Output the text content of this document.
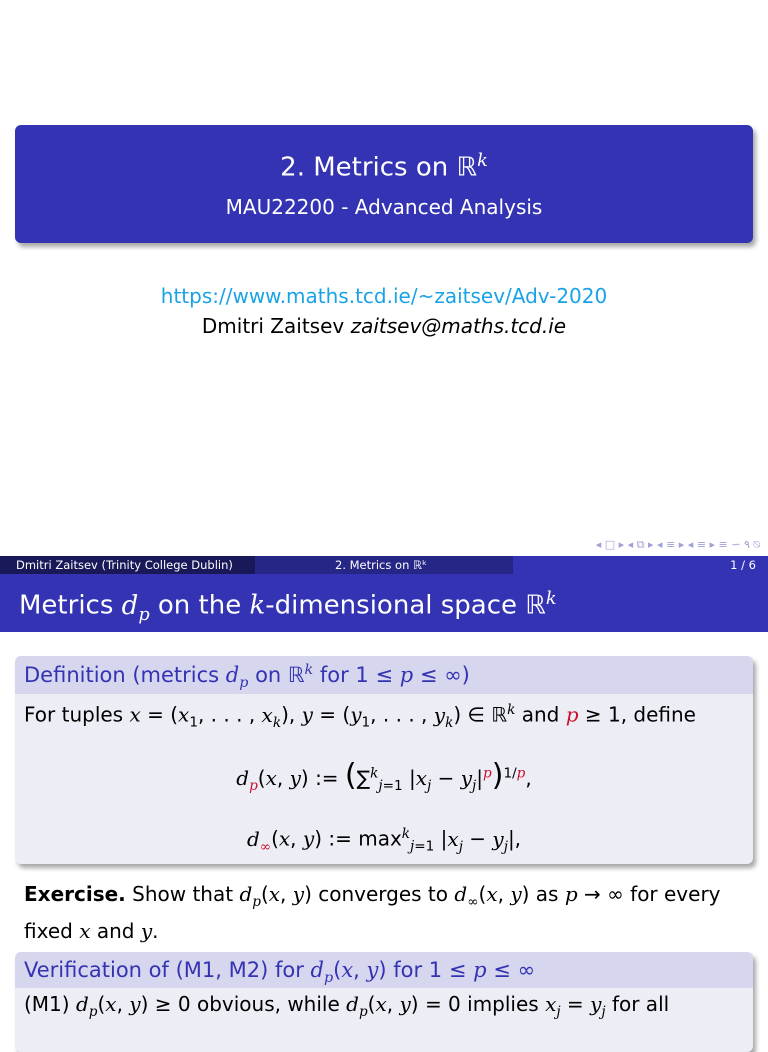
2. Metrics on ℝ$^k$
MAU22200 - Advanced Analysis
https://www.maths.tcd.ie/~zaitsev/Adv-2020
Dmitri Zaitsev zaitsev@maths.tcd.ie
◂ □ ▸ ◂ ⧉ ▸ ◂ ≡ ▸ ◂ ≡ ▸ ≡ ∽ ۹ ⍉
Dmitri Zaitsev (Trinity College Dublin)	2. Metrics on ℝᵏ	1 / 6
Metrics $d_p$ on the k-dimensional space ℝ$^k$
Definition (metrics $d_p$ on ℝ$^k$ for 1 ≤ p ≤ ∞)
For tuples $x = (x_1$, . . . , $x_k$), $y = (y_1$, . . . , $y_k$) ∈ ℝ$^k$ and p ≥ 1, define
$d_p(x$, y) := (∑$^k_{j=1}$ $|x_j - y_j|^p)^{1/p}$,
$d_\infty(x$, y) := $\max^k_{j=1} |x_j - y_j|$,
Exercise. Show that $d_p(x$, y) converges to $d_\infty(x$, y) as p → ∞ for every fixed x and y.
Verification of (M1, M2) for $d_p(x$, y) for 1 ≤ p ≤ ∞
(M1) $d_p(x$, y) ≥ 0 obvious, while $d_p(x$, y) = 0 implies $x_j = y_j$ for all
